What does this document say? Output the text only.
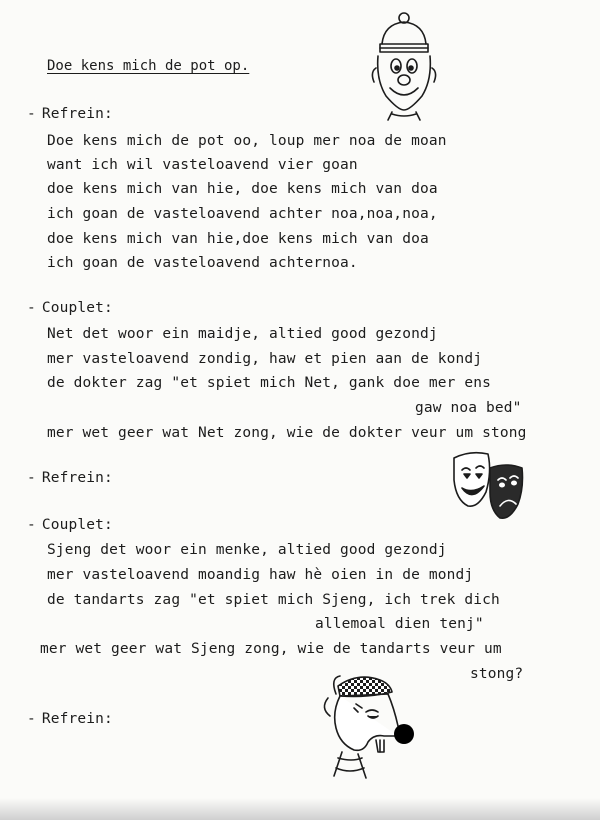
Doe kens mich de pot op.
- Refrein:
Doe kens mich de pot oo, loup mer noa de moan
want ich wil vasteloavend vier goan
doe kens mich van hie, doe kens mich van doa
ich goan de vasteloavend achter noa,noa,noa,
doe kens mich van hie,doe kens mich van doa
ich goan de vasteloavend achternoa.
- Couplet:
Net det woor ein maidje, altied good gezondj
mer vasteloavend zondig, haw et pien aan de kondj
de dokter zag "et spiet mich Net, gank doe mer ens
gaw noa bed"
mer wet geer wat Net zong, wie de dokter veur um stong
- Refrein:
- Couplet:
Sjeng det woor ein menke, altied good gezondj
mer vasteloavend moandig haw hè oien in de mondj
de tandarts zag "et spiet mich Sjeng, ich trek dich
allemoal dien tenj"
mer wet geer wat Sjeng zong, wie de tandarts veur um
stong?
- Refrein:
